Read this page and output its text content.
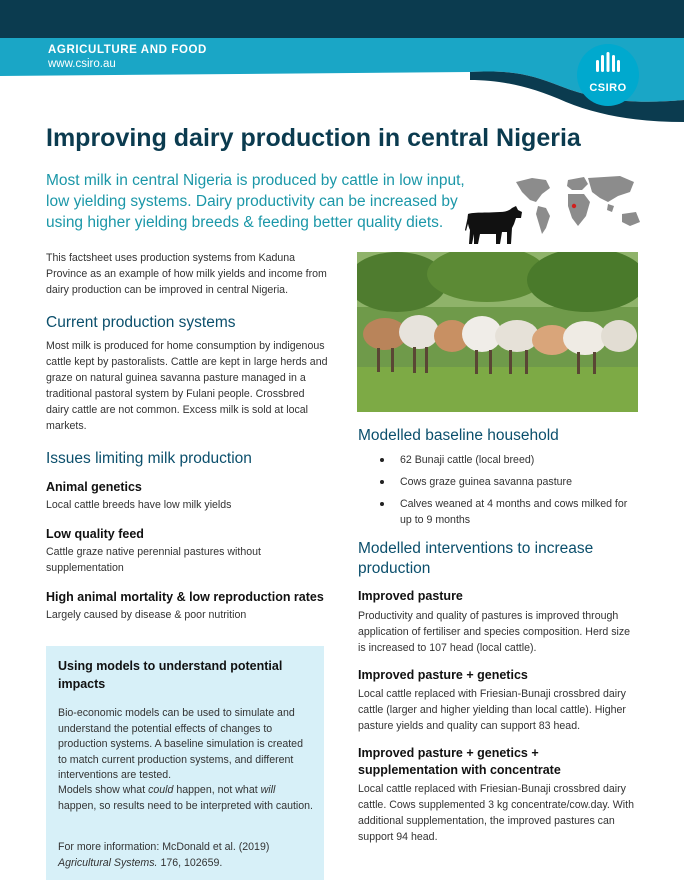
AGRICULTURE AND FOOD
www.csiro.au
CSIRO
Improving dairy production in central Nigeria

Most milk in central Nigeria is produced by cattle in low input, low yielding systems. Dairy productivity can be increased by using higher yielding breeds & feeding better quality diets.

This factsheet uses production systems from Kaduna Province as an example of how milk yields and income from dairy production can be improved in central Nigeria.

Current production systems

Most milk is produced for home consumption by indigenous cattle kept by pastoralists. Cattle are kept in large herds and graze on natural guinea savanna pasture managed in a traditional pastoral system by Fulani people. Crossbred dairy cattle are not common. Excess milk is sold at local markets.

Issues limiting milk production
Animal genetics

Local cattle breeds have low milk yields

Low quality feed

Cattle graze native perennial pastures without supplementation

High animal mortality & low reproduction rates

Largely caused by disease & poor nutrition

Using models to understand potential impacts

Bio-economic models can be used to simulate and understand the potential effects of changes to production systems. A baseline simulation is created to match current production systems, and different interventions are tested.

Models show what could happen, not what will happen, so results need to be interpreted with caution.

For more information: McDonald et al. (2019) Agricultural Systems. 176, 102659.

Modelled baseline household
62 Bunaji cattle (local breed)
Cows graze guinea savanna pasture
Calves weaned at 4 months and cows milked for up to 9 months
Modelled interventions to increase production
Improved pasture

Productivity and quality of pastures is improved through application of fertiliser and species composition. Herd size is increased to 107 head (local cattle).

Improved pasture + genetics

Local cattle replaced with Friesian-Bunaji crossbred dairy cattle (larger and higher yielding than local cattle). Higher pasture yields and quality can support 83 head.

Improved pasture + genetics + supplementation with concentrate

Local cattle replaced with Friesian-Bunaji crossbred dairy cattle. Cows supplemented 3 kg concentrate/cow.day. With additional supplementation, the improved pastures can support 94 head.
